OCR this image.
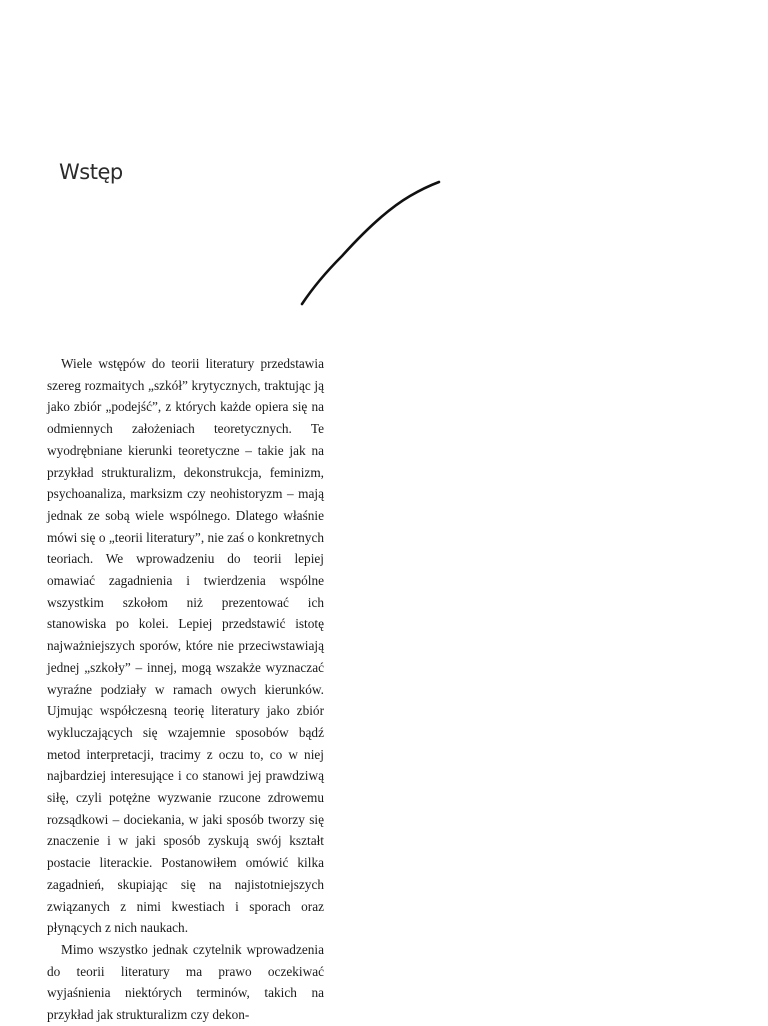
Wstęp

Wiele wstępów do teorii literatury przedstawia szereg rozmaitych „szkół” krytycznych, traktując ją jako zbiór „podejść”, z których każde opiera się na odmiennych założeniach teoretycznych. Te wyodrębniane kierunki teoretyczne – takie jak na przykład strukturalizm, dekonstrukcja, feminizm, psychoanaliza, marksizm czy neohistoryzm – mają jednak ze sobą wiele wspólnego. Dlatego właśnie mówi się o „teorii literatury”, nie zaś o konkretnych teoriach. We wprowadzeniu do teorii lepiej omawiać zagadnienia i twierdzenia wspólne wszystkim szkołom niż prezentować ich stanowiska po kolei. Lepiej przedstawić istotę najważniejszych sporów, które nie przeciwstawiają jednej „szkoły” – innej, mogą wszakże wyznaczać wyraźne podziały w ramach owych kierunków. Ujmując współczesną teorię literatury jako zbiór wykluczających się wzajemnie sposobów bądź metod interpretacji, tracimy z oczu to, co w niej najbardziej interesujące i co stanowi jej prawdziwą siłę, czyli potężne wyzwanie rzucone zdrowemu rozsądkowi – dociekania, w jaki sposób tworzy się znaczenie i w jaki sposób zyskują swój kształt postacie literackie. Postanowiłem omówić kilka zagadnień, skupiając się na najistotniejszych związanych z nimi kwestiach i sporach oraz płynących z nich naukach.

Mimo wszystko jednak czytelnik wprowadzenia do teorii literatury ma prawo oczekiwać wyjaśnienia niektórych terminów, takich na przykład jak strukturalizm czy dekon-
